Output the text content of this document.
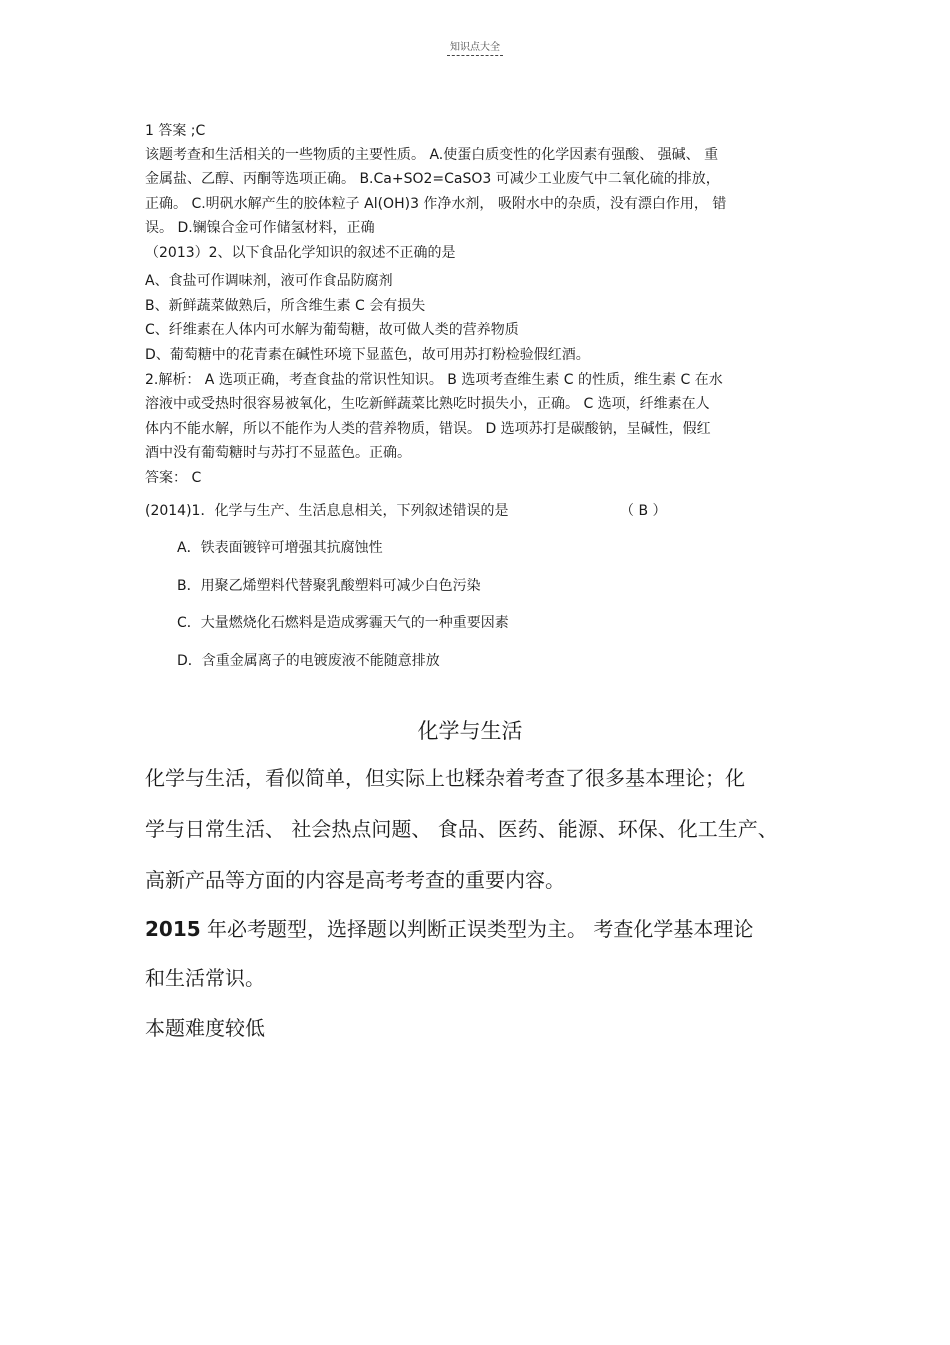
知识点大全
1 答案 ;C
该题考查和生活相关的一些物质的主要性质。 A.使蛋白质变性的化学因素有强酸、 强碱、 重
金属盐、乙醇、丙酮等选项正确。 B.Ca+SO2=CaSO3 可减少工业废气中二氧化硫的排放，
正确。 C.明矾水解产生的胶体粒子 Al(OH)3 作净水剂， 吸附水中的杂质，没有漂白作用， 错
误。 D.镧镍合金可作储氢材料，正确
（2013）2、以下食品化学知识的叙述不正确的是
A、食盐可作调味剂，液可作食品防腐剂
B、新鲜蔬菜做熟后，所含维生素 C 会有损失
C、纤维素在人体内可水解为葡萄糖，故可做人类的营养物质
D、葡萄糖中的花青素在碱性环境下显蓝色，故可用苏打粉检验假红酒。
2.解析： A 选项正确，考查食盐的常识性知识。 B 选项考查维生素 C 的性质，维生素 C 在水
溶液中或受热时很容易被氧化，生吃新鲜蔬菜比熟吃时损失小，正确。 C 选项，纤维素在人
体内不能水解，所以不能作为人类的营养物质，错误。 D 选项苏打是碳酸钠，呈碱性，假红
酒中没有葡萄糖时与苏打不显蓝色。正确。
答案： C
(2014)1．化学与生产、生活息息相关，下列叙述错误的是	（ B ）
A．铁表面镀锌可增强其抗腐蚀性
B．用聚乙烯塑料代替聚乳酸塑料可减少白色污染
C．大量燃烧化石燃料是造成雾霾天气的一种重要因素
D．含重金属离子的电镀废液不能随意排放
化学与生活
化学与生活，看似简单，但实际上也糅杂着考查了很多基本理论；化
学与日常生活、 社会热点问题、 食品、医药、能源、环保、化工生产、
高新产品等方面的内容是高考考查的重要内容。
2015 年必考题型，选择题以判断正误类型为主。 考查化学基本理论
和生活常识。
本题难度较低
